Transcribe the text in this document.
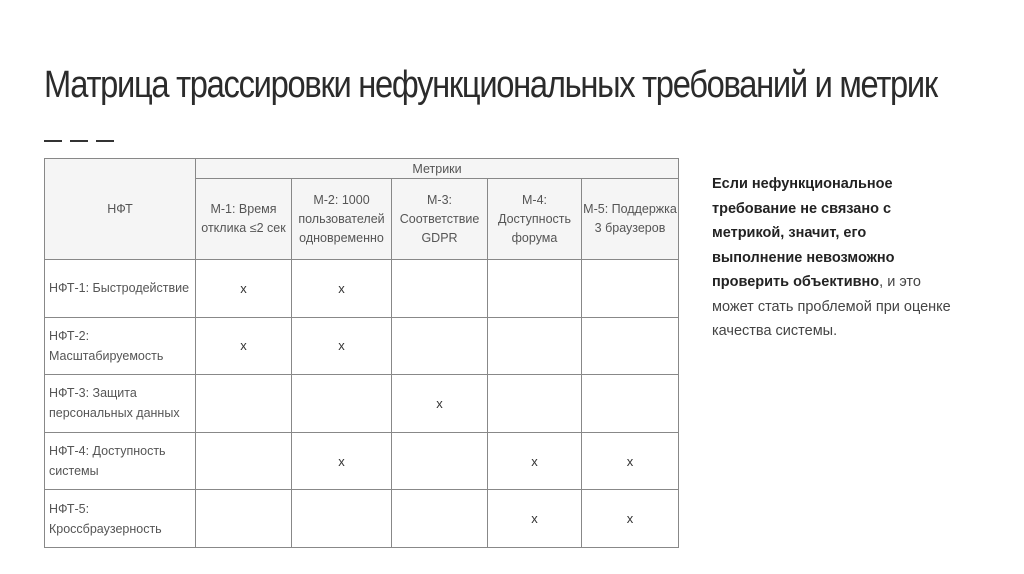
Матрица трассировки нефункциональных требований и метрик
НФТ	Метрики				
	М-1: Время отклика ≤2 сек	М-2: 1000 пользователей одновременно	М-3: Соответствие GDPR	М-4: Доступность форума	М-5: Поддержка 3 браузеров
НФТ-1: Быстродействие	x	x			
НФТ-2: Масштабируемость	x	x			
НФТ-3: Защита персональных данных			x		
НФТ-4: Доступность системы		x		x	x
НФТ-5: Кроссбраузерность				x	x
Если нефункциональное требование не связано с метрикой, значит, его выполнение невозможно проверить объективно, и это может стать проблемой при оценке качества системы.
